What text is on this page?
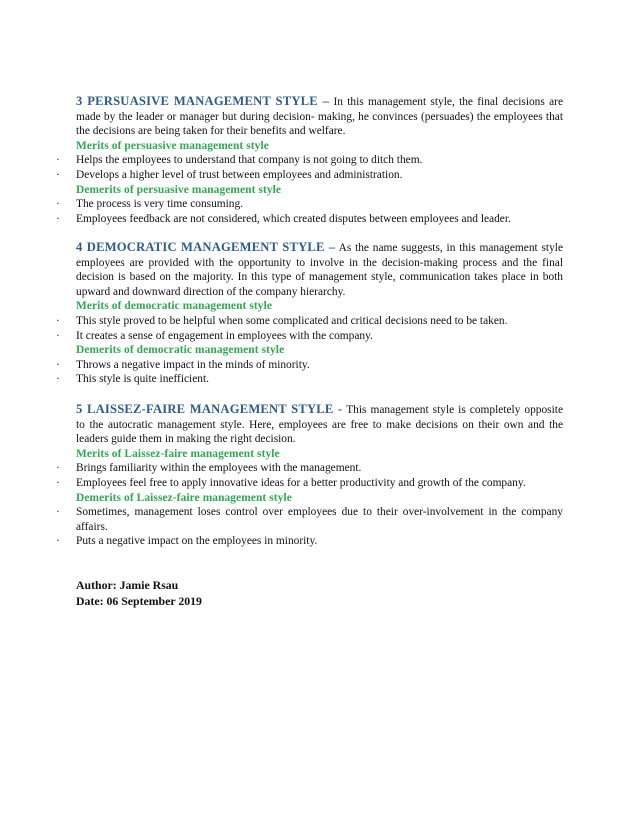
3 PERSUASIVE MANAGEMENT STYLE – In this management style, the final decisions are made by the leader or manager but during decision- making, he convinces (persuades) the employees that the decisions are being taken for their benefits and welfare.

Merits of persuasive management style

· Helps the employees to understand that company is not going to ditch them.
· Develops a higher level of trust between employees and administration.

Demerits of persuasive management style

· The process is very time consuming.
· Employees feedback are not considered, which created disputes between employees and leader.

4 DEMOCRATIC MANAGEMENT STYLE – As the name suggests, in this management style employees are provided with the opportunity to involve in the decision-making process and the final decision is based on the majority. In this type of management style, communication takes place in both upward and downward direction of the company hierarchy.

Merits of democratic management style

· This style proved to be helpful when some complicated and critical decisions need to be taken.
· It creates a sense of engagement in employees with the company.

Demerits of democratic management style

· Throws a negative impact in the minds of minority.
· This style is quite inefficient.

5 LAISSEZ-FAIRE MANAGEMENT STYLE - This management style is completely opposite to the autocratic management style. Here, employees are free to make decisions on their own and the leaders guide them in making the right decision.

Merits of Laissez-faire management style

· Brings familiarity within the employees with the management.
· Employees feel free to apply innovative ideas for a better productivity and growth of the company.

Demerits of Laissez-faire management style

· Sometimes, management loses control over employees due to their over-involvement in the company affairs.
· Puts a negative impact on the employees in minority.
Author: Jamie Rsau
Date: 06 September 2019
